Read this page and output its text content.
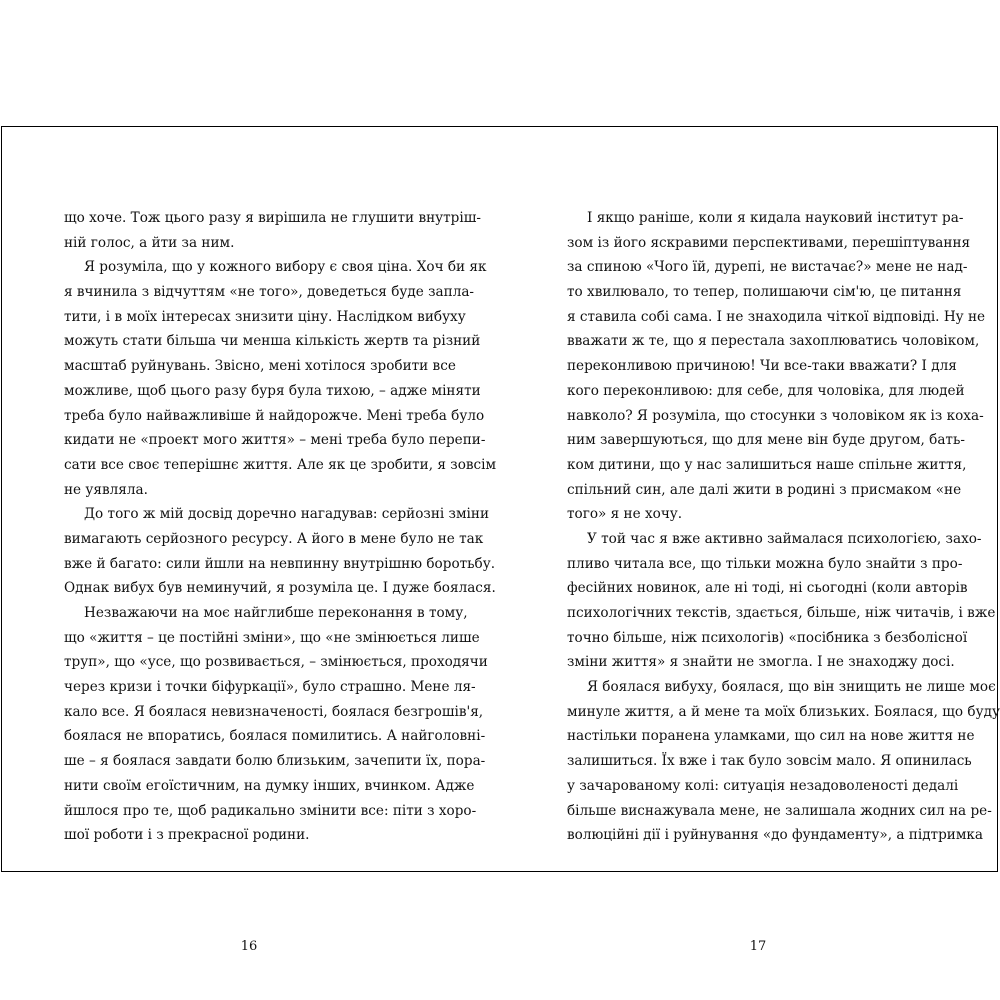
що хоче. Тож цього разу я вирішила не глушити внутріш-
ній голос, а йти за ним.
Я розуміла, що у кожного вибору є своя ціна. Хоч би як
я вчинила з відчуттям «не того», доведеться буде запла-
тити, і в моїх інтересах знизити ціну. Наслідком вибуху
можуть стати більша чи менша кількість жертв та різний
масштаб руйнувань. Звісно, мені хотілося зробити все
можливе, щоб цього разу буря була тихою, – адже міняти
треба було найважливіше й найдорожче. Мені треба було
кидати не «проект мого життя» – мені треба було перепи-
сати все своє теперішнє життя. Але як це зробити, я зовсім
не уявляла.
До того ж мій досвід доречно нагадував: серйозні зміни
вимагають серйозного ресурсу. А його в мене було не так
вже й багато: сили йшли на невпинну внутрішню боротьбу.
Однак вибух був неминучий, я розуміла це. І дуже боялася.
Незважаючи на моє найглибше переконання в тому,
що «життя – це постійні зміни», що «не змінюється лише
труп», що «усе, що розвивається, – змінюється, проходячи
через кризи і точки біфуркації», було страшно. Мене ля-
кало все. Я боялася невизначеності, боялася безгрошів'я,
боялася не впоратись, боялася помилитись. А найголовні-
ше – я боялася завдати болю близьким, зачепити їх, пора-
нити своїм егоїстичним, на думку інших, вчинком. Адже
йшлося про те, щоб радикально змінити все: піти з хоро-
шої роботи і з прекрасної родини.
І якщо раніше, коли я кидала науковий інститут ра-
зом із його яскравими перспективами, перешіптування
за спиною «Чого їй, дурепі, не вистачає?» мене не над-
то хвилювало, то тепер, полишаючи сім'ю, це питання
я ставила собі сама. І не знаходила чіткої відповіді. Ну не
вважати ж те, що я перестала захоплюватись чоловіком,
переконливою причиною! Чи все-таки вважати? І для
кого переконливою: для себе, для чоловіка, для людей
навколо? Я розуміла, що стосунки з чоловіком як із коха-
ним завершуються, що для мене він буде другом, бать-
ком дитини, що у нас залишиться наше спільне життя,
спільний син, але далі жити в родині з присмаком «не
того» я не хочу.
У той час я вже активно займалася психологією, захо-
пливо читала все, що тільки можна було знайти з про-
фесійних новинок, але ні тоді, ні сьогодні (коли авторів
психологічних текстів, здається, більше, ніж читачів, і вже
точно більше, ніж психологів) «посібника з безболісної
зміни життя» я знайти не змогла. І не знаходжу досі.
Я боялася вибуху, боялася, що він знищить не лише моє
минуле життя, а й мене та моїх близьких. Боялася, що буду
настільки поранена уламками, що сил на нове життя не
залишиться. Їх вже і так було зовсім мало. Я опинилась
у зачарованому колі: ситуація незадоволеності дедалі
більше виснажувала мене, не залишала жодних сил на ре-
волюційні дії і руйнування «до фундаменту», а підтримка
16	17
